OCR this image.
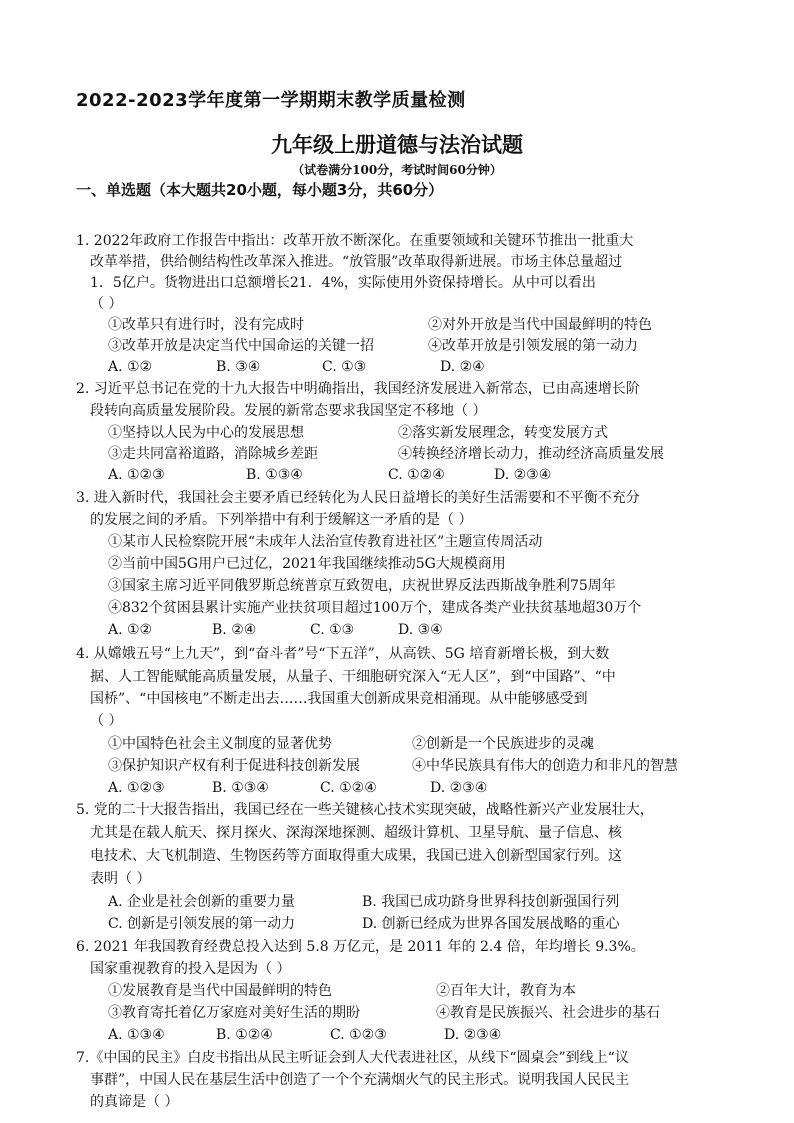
2022-2023学年度第一学期期末教学质量检测
九年级上册道德与法治试题
（试卷满分100分，考试时间60分钟）
一、单选题（本大题共20小题，每小题3分，共60分）
1. 2022年政府工作报告中指出：改革开放不断深化。在重要领域和关键环节推出一批重大
改革举措，供给侧结构性改革深入推进。“放管服”改革取得新进展。市场主体总量超过
1．5亿户。货物进出口总额增长21．4%，实际使用外资保持增长。从中可以看出
（ ）
①改革只有进行时，没有完成时	②对外开放是当代中国最鲜明的特色
③改革开放是决定当代中国命运的关键一招	④改革开放是引领发展的第一动力
A. ①②	B. ③④	C. ①③	D. ②④
2. 习近平总书记在党的十九大报告中明确指出，我国经济发展进入新常态，已由高速增长阶
段转向高质量发展阶段。发展的新常态要求我国坚定不移地（ ）
①坚持以人民为中心的发展思想	②落实新发展理念，转变发展方式
③走共同富裕道路，消除城乡差距	④转换经济增长动力，推动经济高质量发展
A. ①②③	B. ①③④	C. ①②④	D. ②③④
3. 进入新时代，我国社会主要矛盾已经转化为人民日益增长的美好生活需要和不平衡不充分
的发展之间的矛盾。下列举措中有利于缓解这一矛盾的是（ ）
①某市人民检察院开展“未成年人法治宣传教育进社区”主题宣传周活动
②当前中国5G用户已过亿，2021年我国继续推动5G大规模商用
③国家主席习近平同俄罗斯总统普京互致贺电，庆祝世界反法西斯战争胜利75周年
④832个贫困县累计实施产业扶贫项目超过100万个，建成各类产业扶贫基地超30万个
A. ①②	B. ②④	C. ①③	D. ③④
4. 从嫦娥五号“上九天”，到“奋斗者”号“下五洋”，从高铁、5G 培育新增长极，到大数
据、人工智能赋能高质量发展，从量子、干细胞研究深入“无人区”，到“中国路”、“中
国桥”、“中国核电”不断走出去……我国重大创新成果竞相涌现。从中能够感受到
（ ）
①中国特色社会主义制度的显著优势	②创新是一个民族进步的灵魂
③保护知识产权有利于促进科技创新发展	④中华民族具有伟大的创造力和非凡的智慧
A. ①②③	B. ①③④	C. ①②④	D. ②③④
5. 党的二十大报告指出，我国已经在一些关键核心技术实现突破，战略性新兴产业发展壮大，
尤其是在载人航天、探月探火、深海深地探测、超级计算机、卫星导航、量子信息、核
电技术、大飞机制造、生物医药等方面取得重大成果，我国已进入创新型国家行列。这
表明（ ）
A. 企业是社会创新的重要力量	B. 我国已成功跻身世界科技创新强国行列
C. 创新是引领发展的第一动力	D. 创新已经成为世界各国发展战略的重心
6. 2021 年我国教育经费总投入达到 5.8 万亿元，是 2011 年的 2.4 倍，年均增长 9.3%。
国家重视教育的投入是因为（ ）
①发展教育是当代中国最鲜明的特色	②百年大计，教育为本
③教育寄托着亿万家庭对美好生活的期盼	④教育是民族振兴、社会进步的基石
A. ①③④	B. ①②④	C. ①②③	D. ②③④
7.《中国的民主》白皮书指出从民主听证会到人大代表进社区，从线下“圆桌会”到线上“议
事群”，中国人民在基层生活中创造了一个个充满烟火气的民主形式。说明我国人民民主
的真谛是（ ）
